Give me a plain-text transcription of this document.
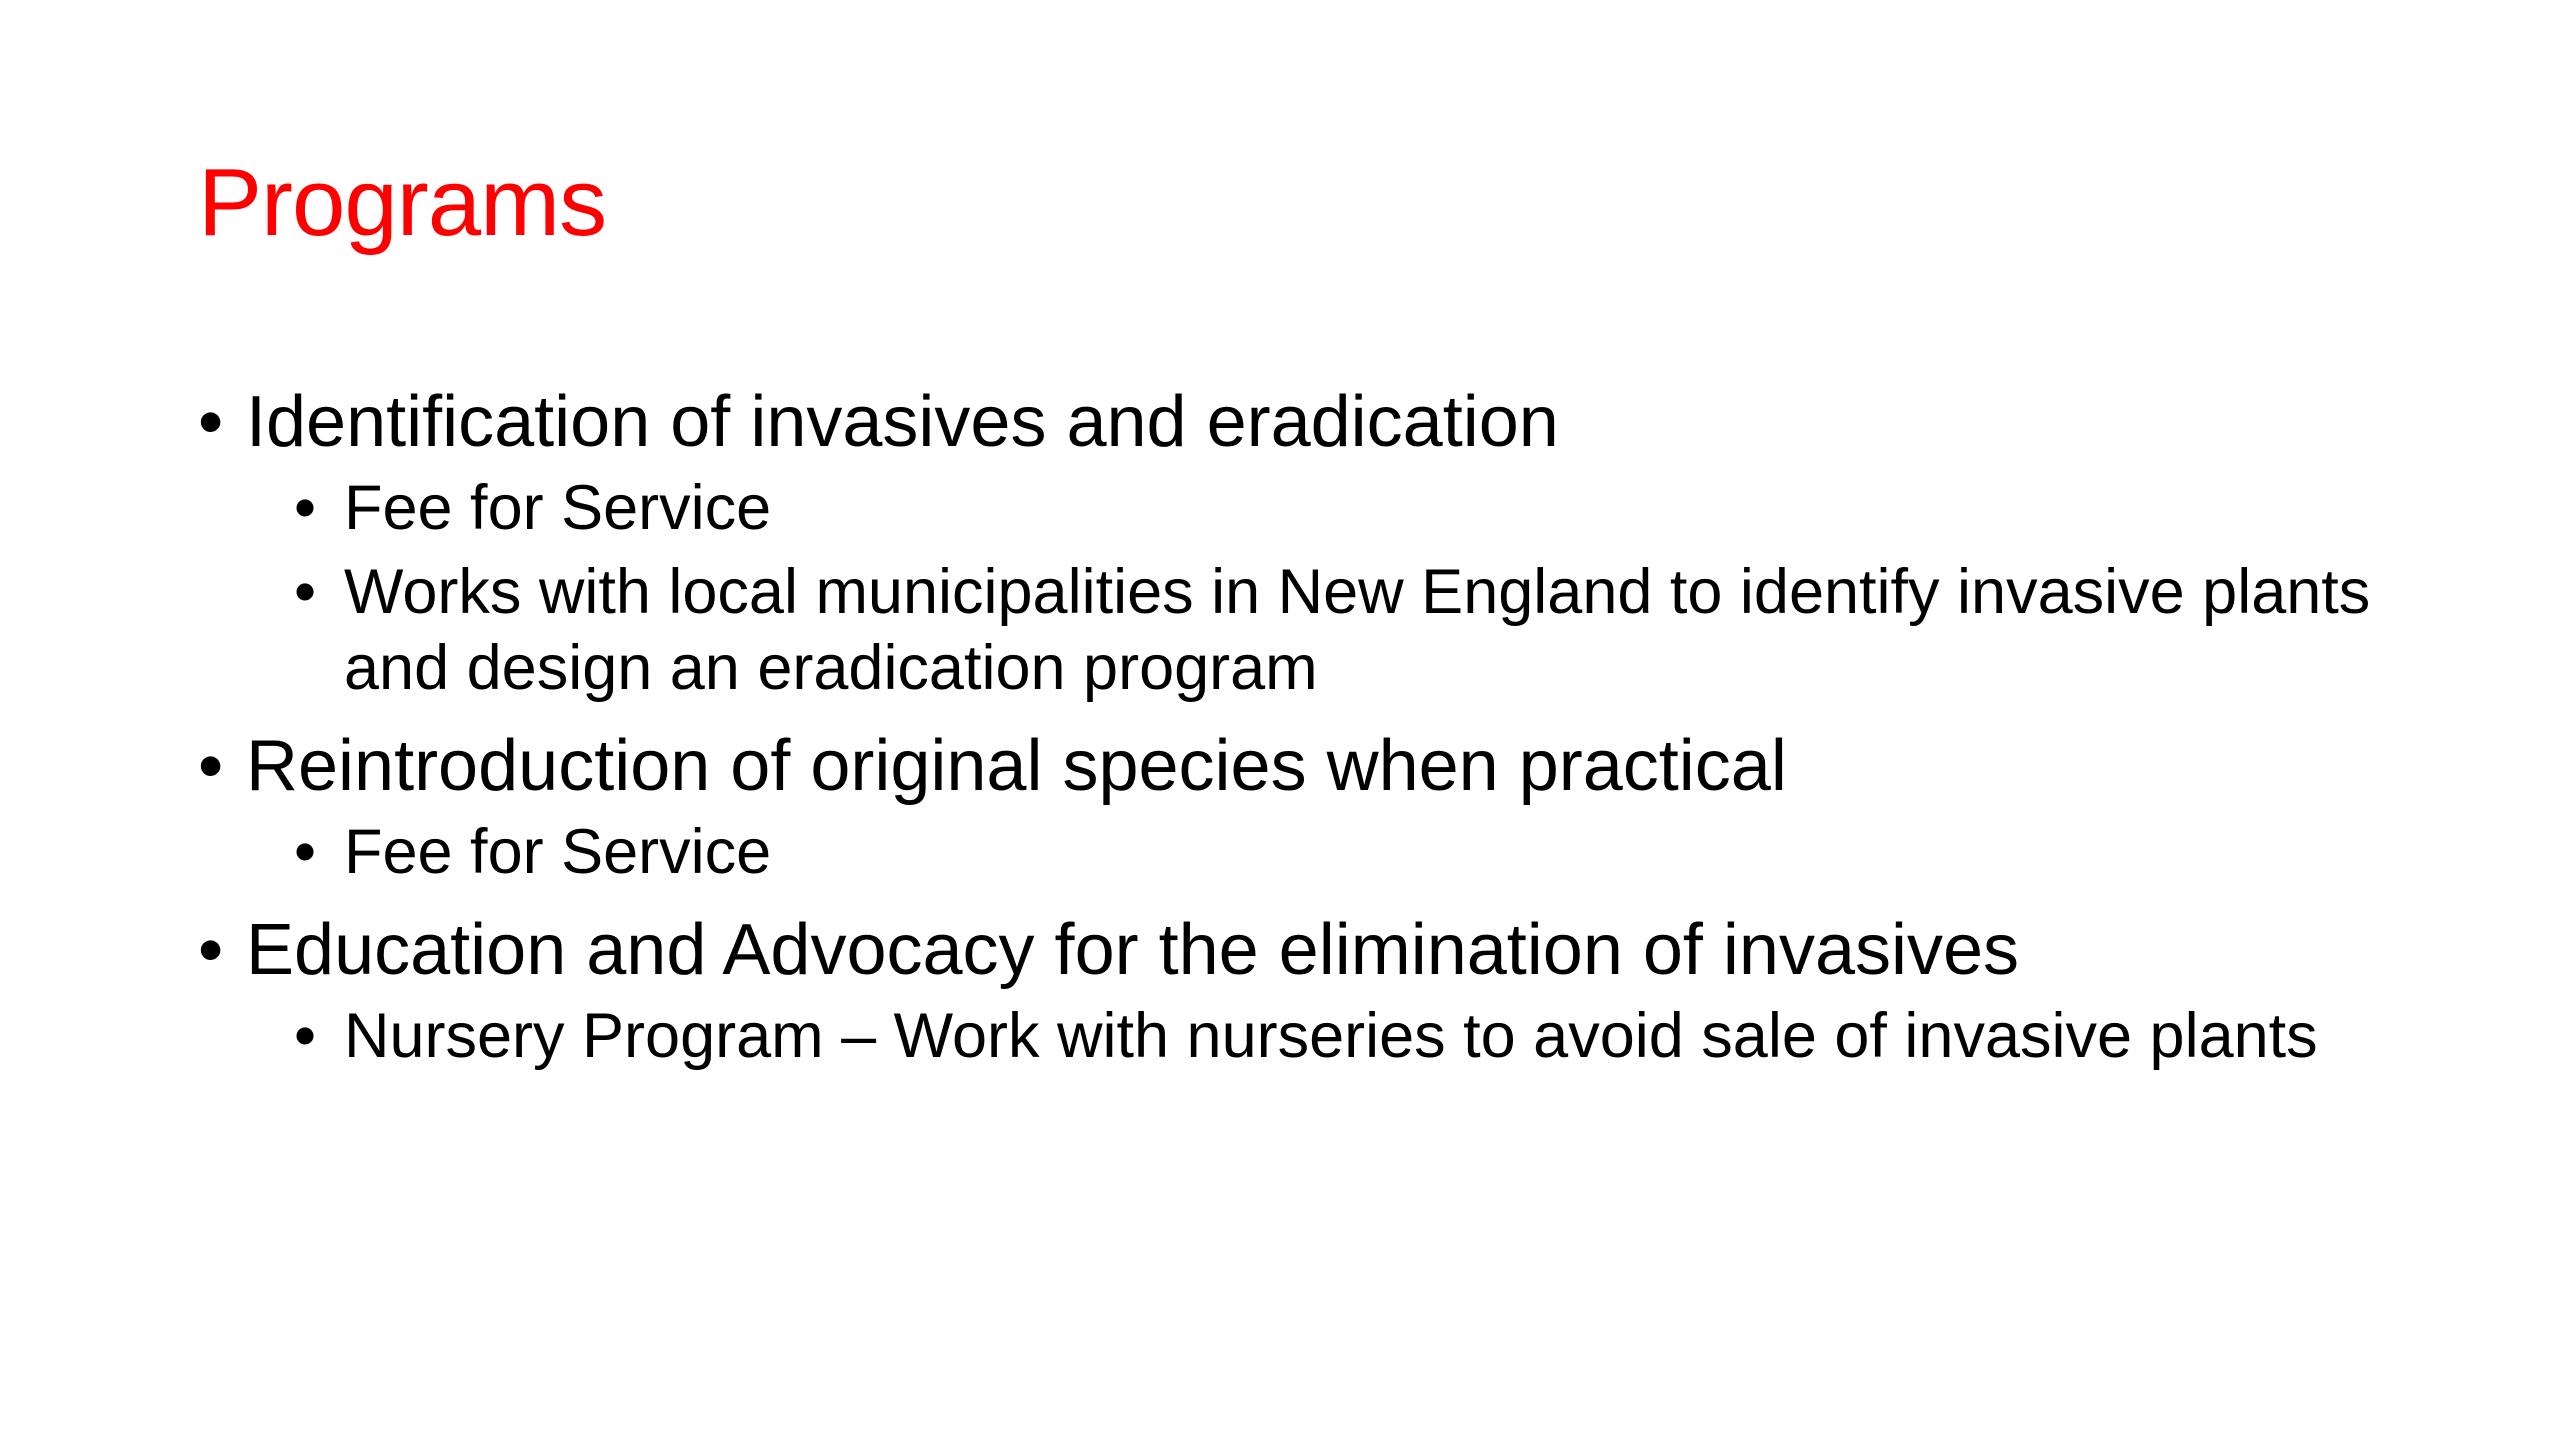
Programs
• Identification of invasives and eradication
• Fee for Service
• Works with local municipalities in New England to identify invasive plants and design an eradication program
• Reintroduction of original species when practical
• Fee for Service
• Education and Advocacy for the elimination of invasives
• Nursery Program – Work with nurseries to avoid sale of invasive plants
